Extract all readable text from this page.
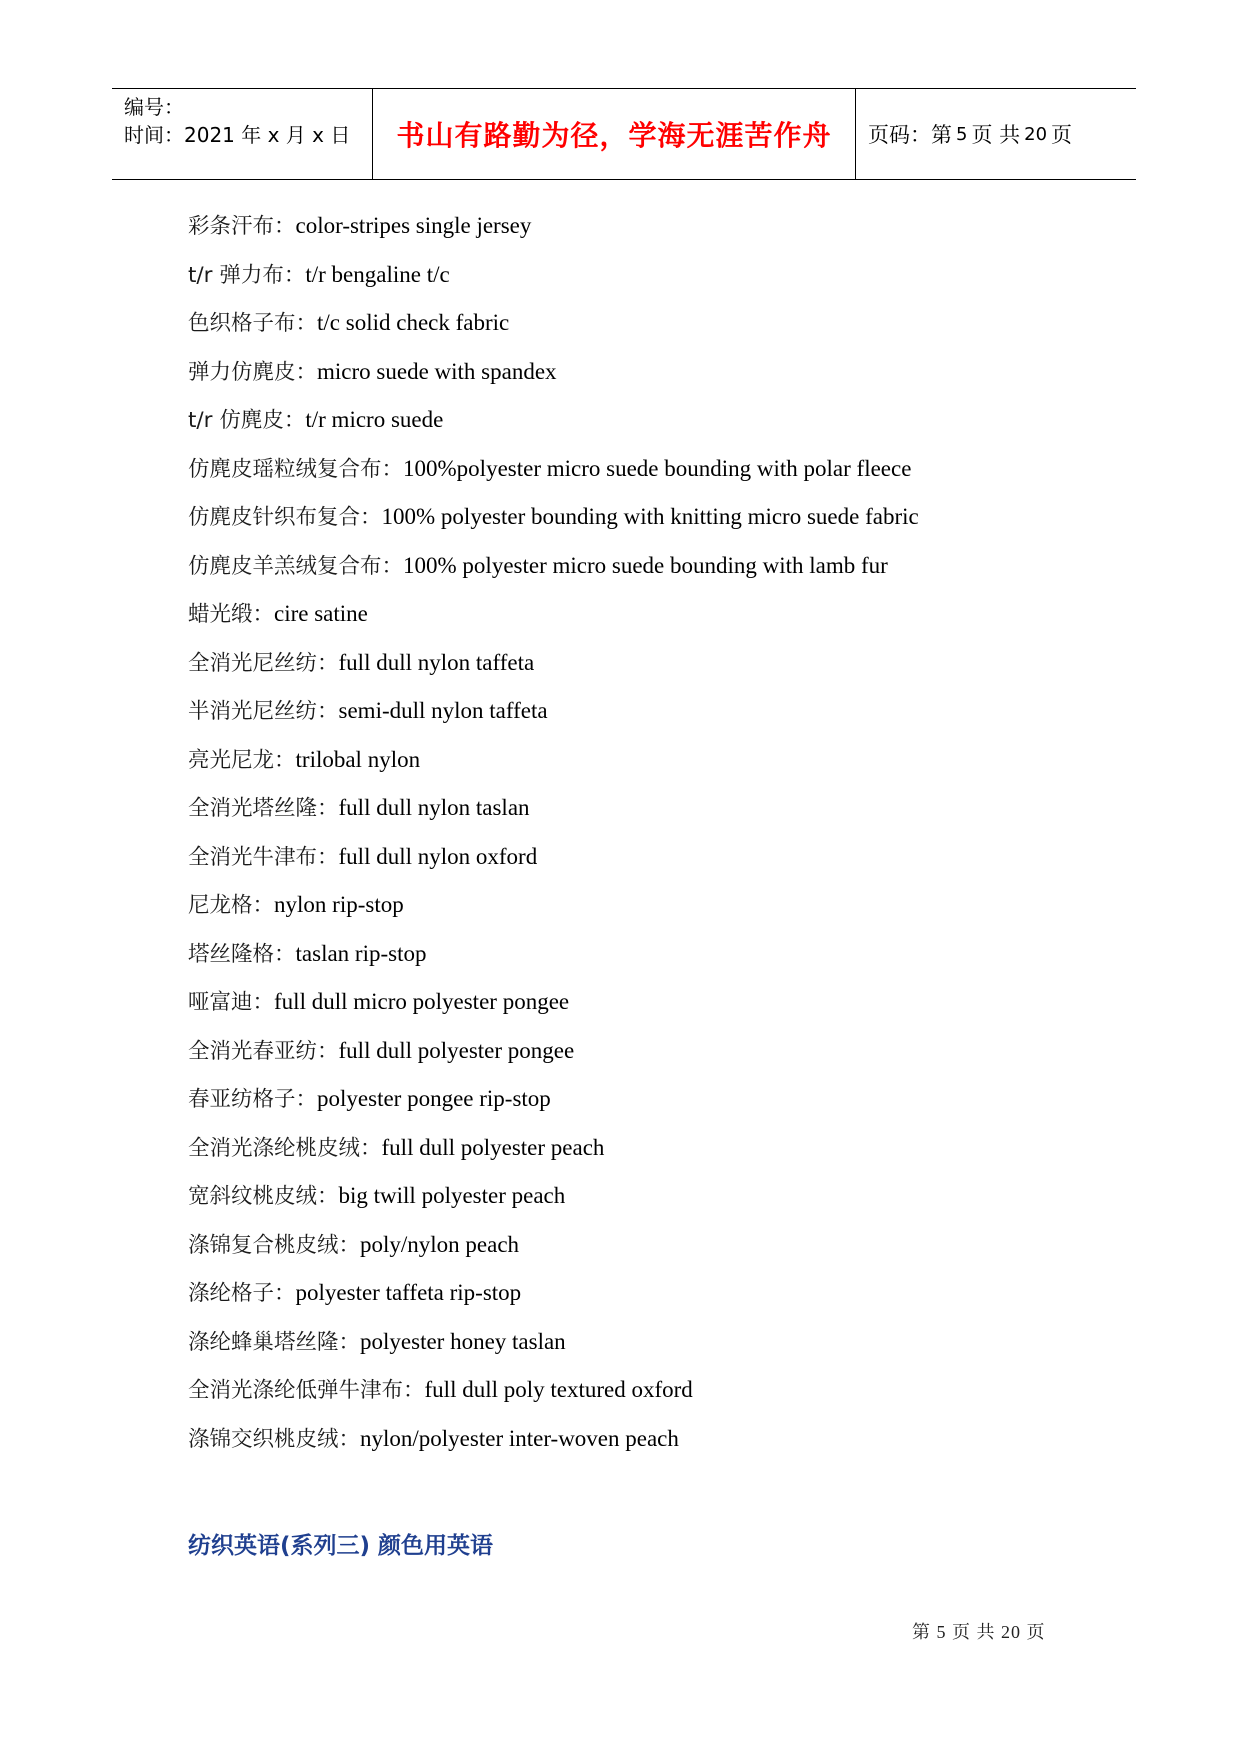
编号：
时间：2021 年 x 月 x 日	书山有路勤为径，学海无涯苦作舟 页码：第 5 页 共 20 页
彩条汗布：color-stripes single jersey
t/r 弹力布：t/r bengaline t/c
色织格子布：t/c solid check fabric
弹力仿麂皮：micro suede with spandex
t/r 仿麂皮：t/r micro suede
仿麂皮瑶粒绒复合布：100%polyester micro suede bounding with polar fleece
仿麂皮针织布复合：100% polyester bounding with knitting micro suede fabric
仿麂皮羊羔绒复合布：100% polyester micro suede bounding with lamb fur
蜡光缎：cire satine
全消光尼丝纺：full dull nylon taffeta
半消光尼丝纺：semi-dull nylon taffeta
亮光尼龙：trilobal nylon
全消光塔丝隆：full dull nylon taslan
全消光牛津布：full dull nylon oxford
尼龙格：nylon rip-stop
塔丝隆格：taslan rip-stop
哑富迪：full dull micro polyester pongee
全消光春亚纺：full dull polyester pongee
春亚纺格子：polyester pongee rip-stop
全消光涤纶桃皮绒：full dull polyester peach
宽斜纹桃皮绒：big twill polyester peach
涤锦复合桃皮绒：poly/nylon peach
涤纶格子：polyester taffeta rip-stop
涤纶蜂巢塔丝隆：polyester honey taslan
全消光涤纶低弹牛津布：full dull poly textured oxford
涤锦交织桃皮绒：nylon/polyester inter-woven peach
纺织英语(系列三) 颜色用英语
第 5 页 共 20 页
